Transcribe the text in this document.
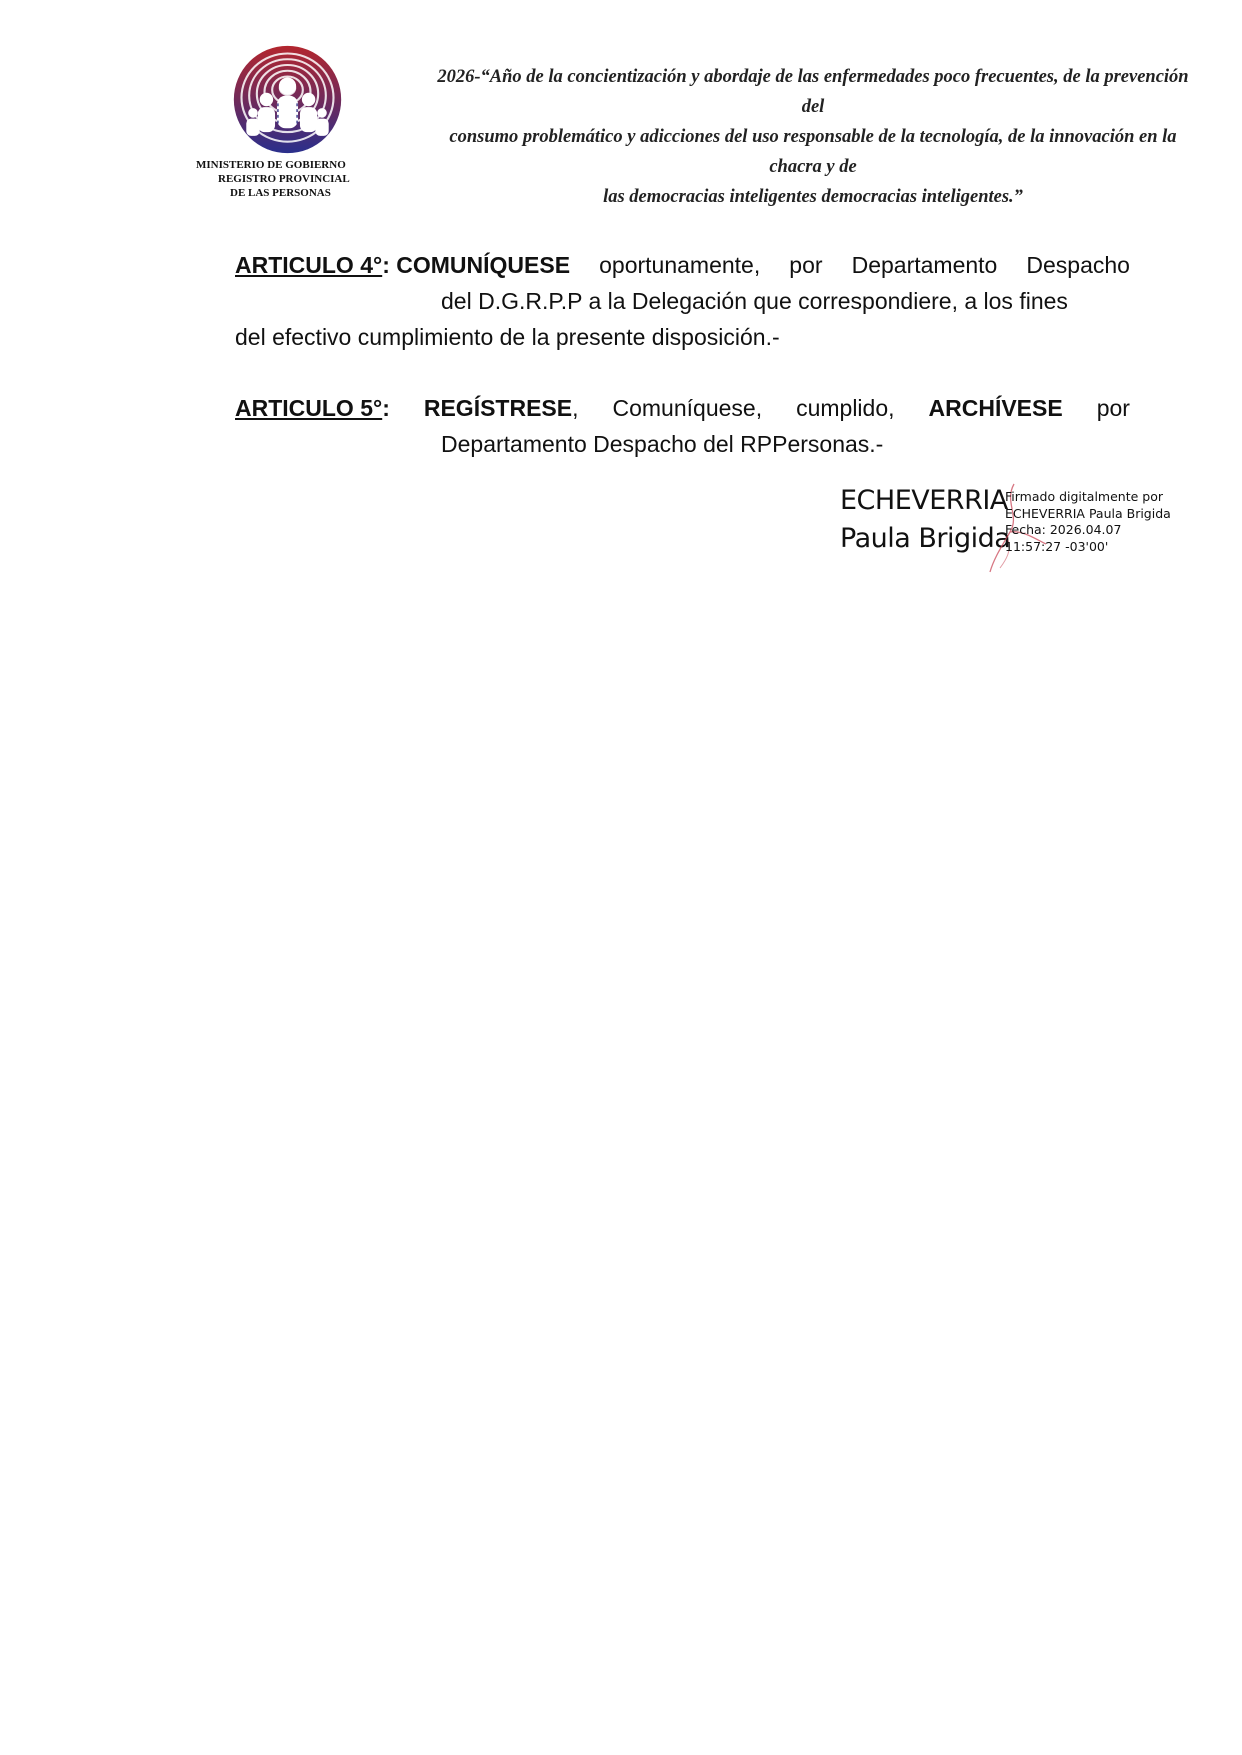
MINISTERIO DE GOBIERNO
REGISTRO PROVINCIAL
DE LAS PERSONAS
2026-“Año de la concientización y abordaje de las enfermedades poco frecuentes, de la prevención del
consumo problemático y adicciones del uso responsable de la tecnología, de la innovación en la chacra y de
las democracias inteligentes democracias inteligentes.”
ARTICULO 4°: COMUNÍQUESE oportunamente, por Departamento Despacho
del D.G.R.P.P a la Delegación que correspondiere, a los fines
del efectivo cumplimiento de la presente disposición.-
ARTICULO 5°: REGÍSTRESE, Comuníquese, cumplido, ARCHÍVESE por
Departamento Despacho del RPPersonas.-
ECHEVERRIA
Paula Brigida
Firmado digitalmente por
ECHEVERRIA Paula Brigida
Fecha: 2026.04.07
11:57:27 -03'00'
